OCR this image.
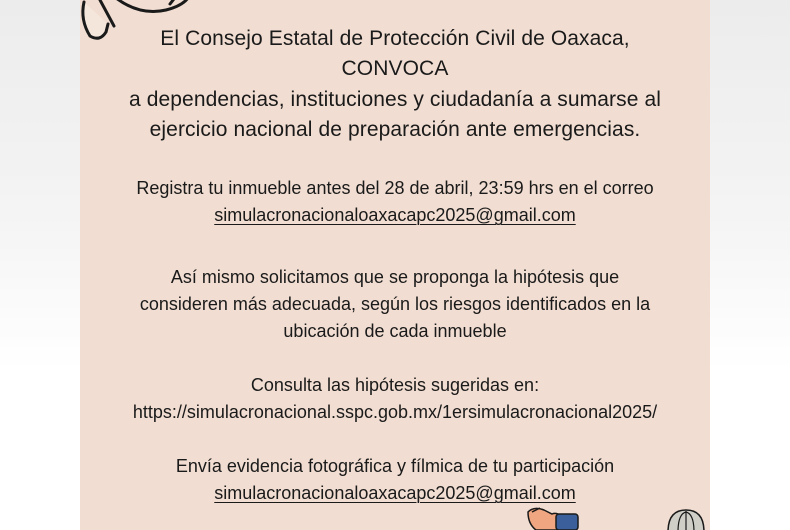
El Consejo Estatal de Protección Civil de Oaxaca,

CONVOCA

a dependencias, instituciones y ciudadanía a sumarse al

ejercicio nacional de preparación ante emergencias.

Registra tu inmueble antes del 28 de abril, 23:59 hrs en el correo

simulacronacionaloaxacapc2025@gmail.com

Así mismo solicitamos que se proponga la hipótesis que

consideren más adecuada, según los riesgos identificados en la

ubicación de cada inmueble

Consulta las hipótesis sugeridas en:

https://simulacronacional.sspc.gob.mx/1ersimulacronacional2025/

Envía evidencia fotográfica y fílmica de tu participación

simulacronacionaloaxacapc2025@gmail.com
